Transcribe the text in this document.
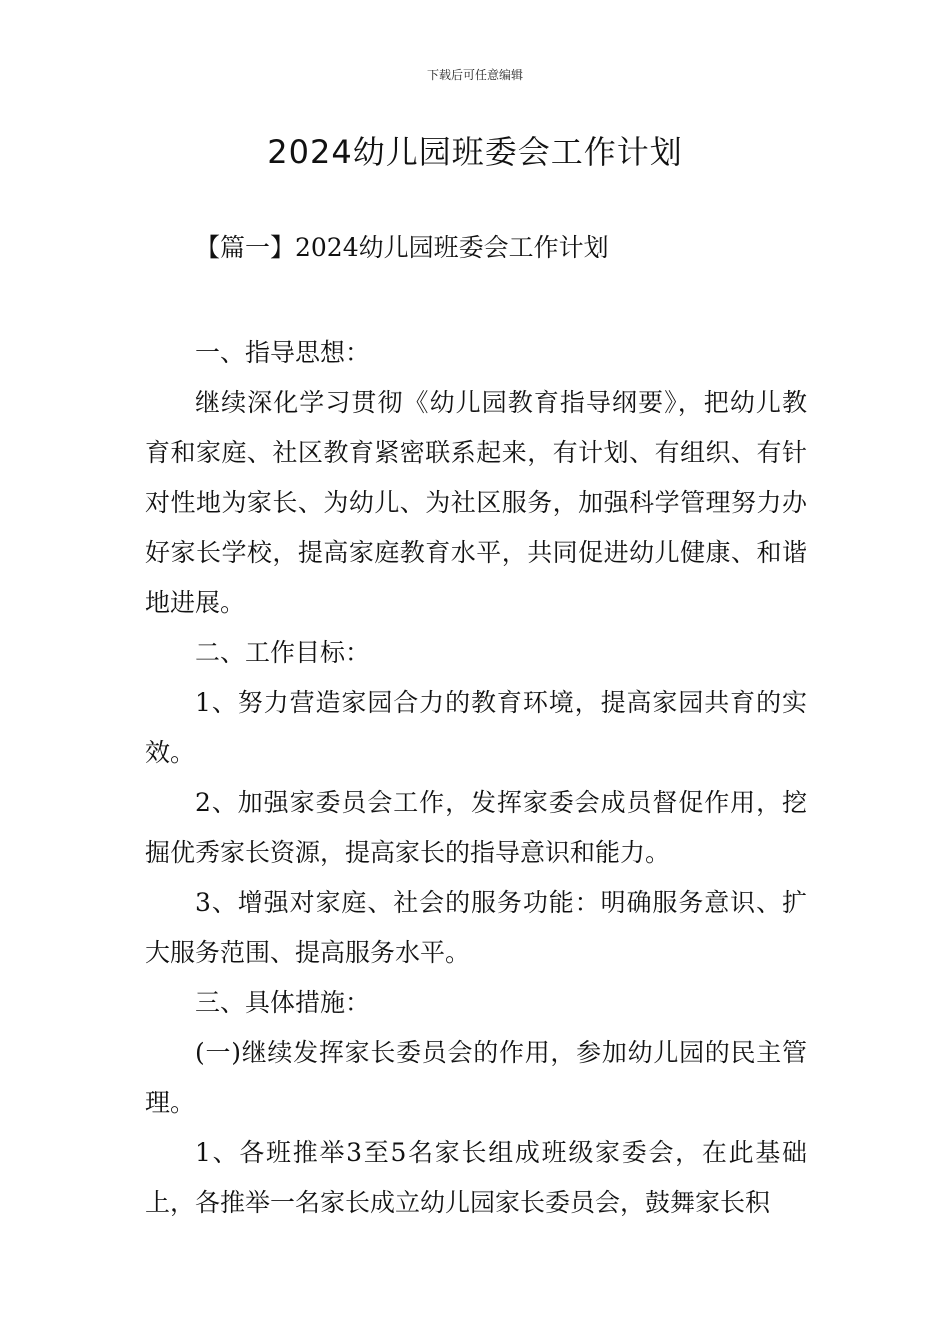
下载后可任意编辑
2024幼儿园班委会工作计划

【篇一】2024幼儿园班委会工作计划

一、指导思想：

继续深化学习贯彻《幼儿园教育指导纲要》，把幼儿教育和家庭、社区教育紧密联系起来，有计划、有组织、有针对性地为家长、为幼儿、为社区服务，加强科学管理努力办好家长学校，提高家庭教育水平，共同促进幼儿健康、和谐地进展。

二、工作目标：

1、努力营造家园合力的教育环境，提高家园共育的实效。

2、加强家委员会工作，发挥家委会成员督促作用，挖掘优秀家长资源，提高家长的指导意识和能力。

3、增强对家庭、社会的服务功能：明确服务意识、扩大服务范围、提高服务水平。

三、具体措施：

(一)继续发挥家长委员会的作用，参加幼儿园的民主管理。

1、各班推举3至5名家长组成班级家委会，在此基础上，各推举一名家长成立幼儿园家长委员会，鼓舞家长积
